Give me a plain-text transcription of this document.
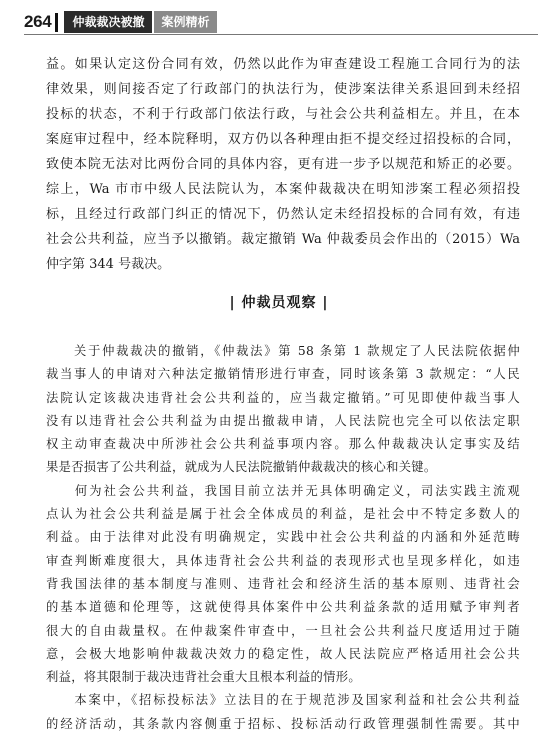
264	仲裁裁决被撤	案例精析
益。如果认定这份合同有效，仍然以此作为审查建设工程施工合同行为的法
律效果，则间接否定了行政部门的执法行为，使涉案法律关系退回到未经招
投标的状态，不利于行政部门依法行政，与社会公共利益相左。并且，在本
案庭审过程中，经本院释明，双方仍以各种理由拒不提交经过招投标的合同，
致使本院无法对比两份合同的具体内容，更有进一步予以规范和矫正的必要。
综上，Wa 市市中级人民法院认为，本案仲裁裁决在明知涉案工程必须招投
标，且经过行政部门纠正的情况下，仍然认定未经招投标的合同有效，有违
社会公共利益，应当予以撤销。裁定撤销 Wa 仲裁委员会作出的（2015）Wa
仲字第 344 号裁决。
| 仲裁员观察 |
　　关于仲裁裁决的撤销，《仲裁法》第 58 条第 1 款规定了人民法院依据仲
裁当事人的申请对六种法定撤销情形进行审查，同时该条第 3 款规定：“人民
法院认定该裁决违背社会公共利益的，应当裁定撤销。”可见即使仲裁当事人
没有以违背社会公共利益为由提出撤裁申请，人民法院也完全可以依法定职
权主动审查裁决中所涉社会公共利益事项内容。那么仲裁裁决认定事实及结
果是否损害了公共利益，就成为人民法院撤销仲裁裁决的核心和关键。
　　何为社会公共利益，我国目前立法并无具体明确定义，司法实践主流观
点认为社会公共利益是属于社会全体成员的利益，是社会中不特定多数人的
利益。由于法律对此没有明确规定，实践中社会公共利益的内涵和外延范畴
审查判断难度很大，具体违背社会公共利益的表现形式也呈现多样化，如违
背我国法律的基本制度与准则、违背社会和经济生活的基本原则、违背社会
的基本道德和伦理等，这就使得具体案件中公共利益条款的适用赋予审判者
很大的自由裁量权。在仲裁案件审查中，一旦社会公共利益尺度适用过于随
意，会极大地影响仲裁裁决效力的稳定性，故人民法院应严格适用社会公共
利益，将其限制于裁决违背社会重大且根本利益的情形。
　　本案中，《招标投标法》立法目的在于规范涉及国家利益和社会公共利益
的经济活动，其条款内容侧重于招标、投标活动行政管理强制性需要。其中
